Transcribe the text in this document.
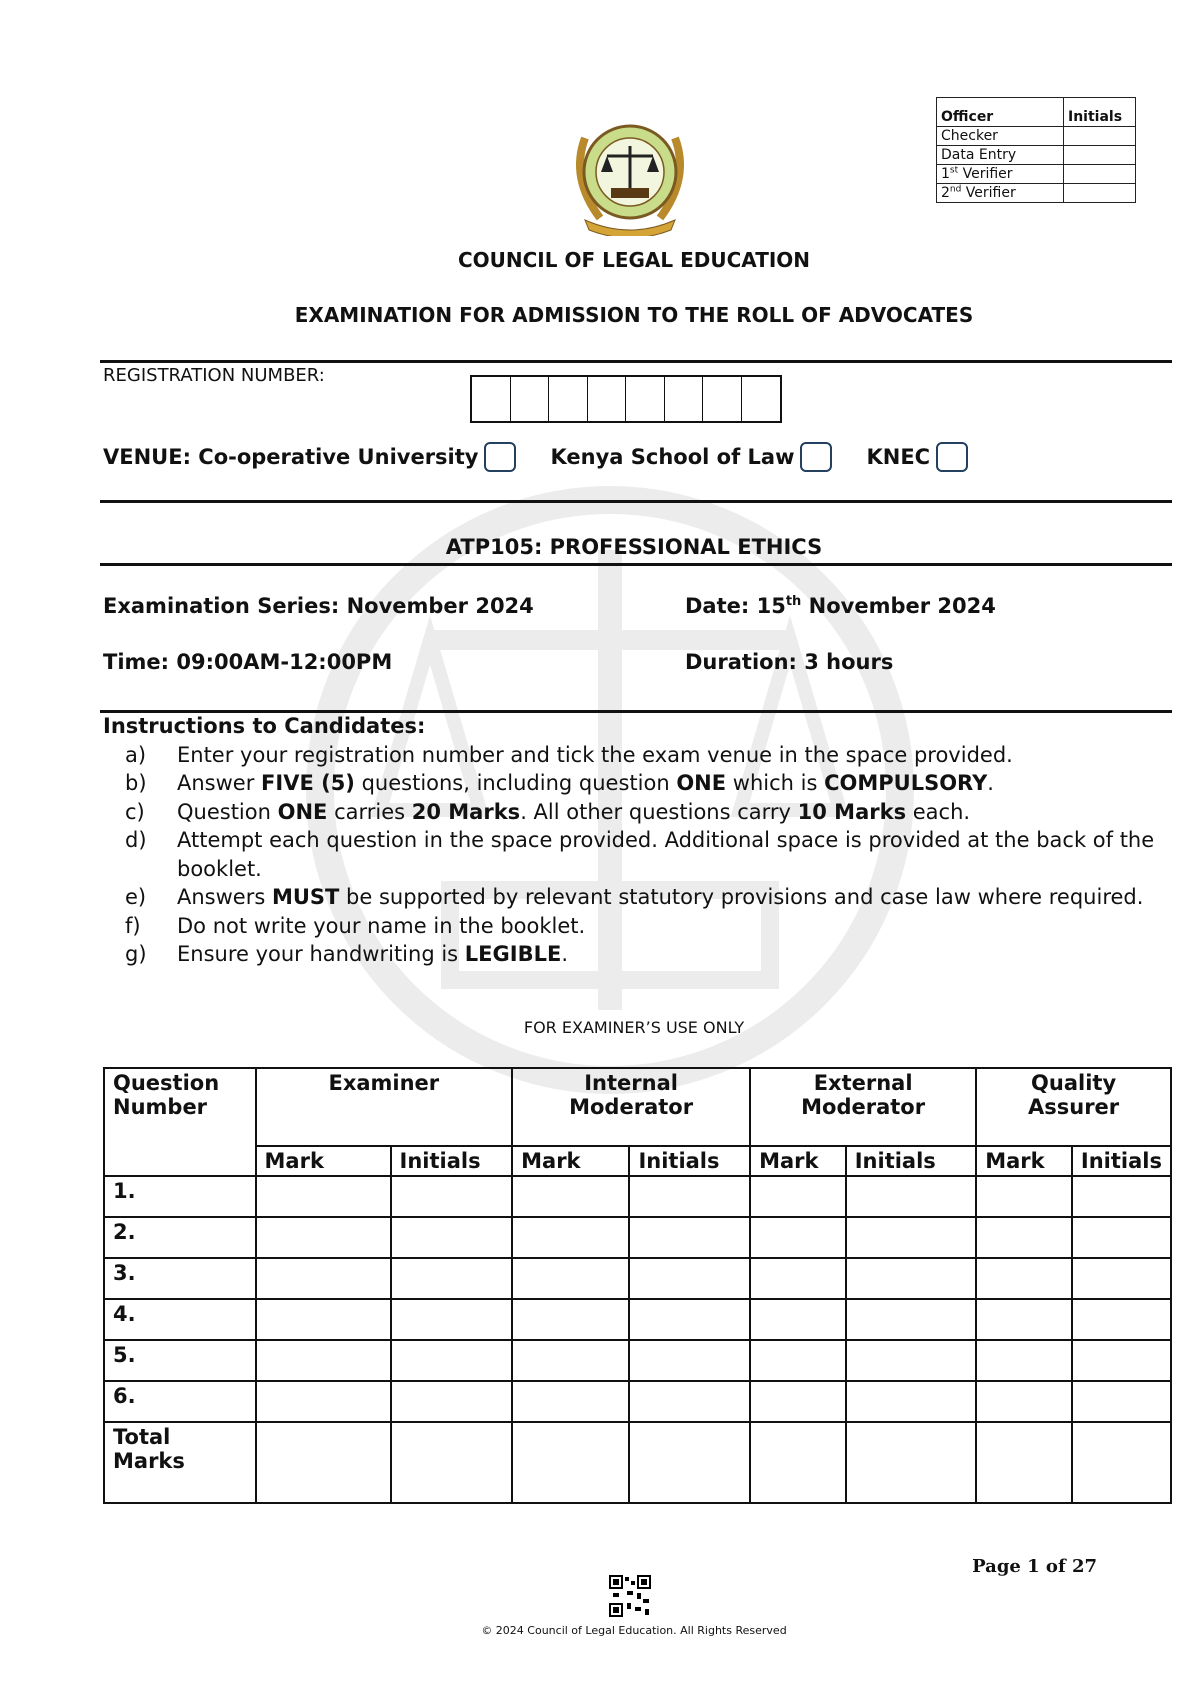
Officer	Initials
Checker	
Data Entry	
1st Verifier	
2nd Verifier	
COUNCIL OF LEGAL EDUCATION
EXAMINATION FOR ADMISSION TO THE ROLL OF ADVOCATES
REGISTRATION NUMBER:
VENUE : Co-operative University	Kenya School of Law	KNEC
ATP105: PROFESSIONAL ETHICS
Examination Series: November 2024	Date: 15th November 2024
Time: 09:00AM-12:00PM	Duration: 3 hours
Instructions to Candidates:
a)	Enter your registration number and tick the exam venue in the space provided.
b)	Answer FIVE (5) questions, including question ONE which is COMPULSORY.
c)	Question ONE carries 20 Marks. All other questions carry 10 Marks each.
d)	Attempt each question in the space provided. Additional space is provided at the back of the booklet.
e)	Answers MUST be supported by relevant statutory provisions and case law where required.
f)	Do not write your name in the booklet.
g)	Ensure your handwriting is LEGIBLE.
FOR EXAMINER’S USE ONLY
Question Number	Examiner		Internal Moderator		External Moderator		Quality Assurer	
	Mark	Initials	Mark	Initials	Mark	Initials	Mark	Initials
1.								
2.								
3.								
4.								
5.								
6.								
Total Marks								
Page 1 of 27
© 2024 Council of Legal Education. All Rights Reserved
